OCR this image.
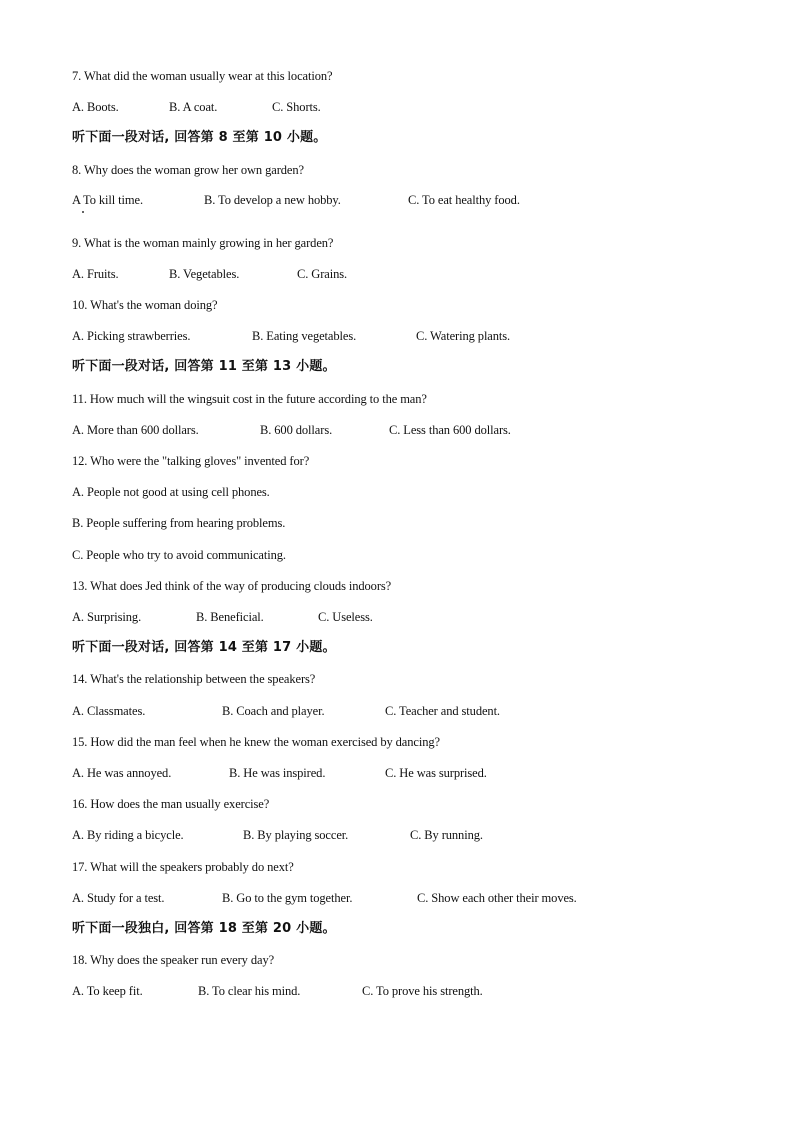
7. What did the woman usually wear at this location?
A. Boots.	B. A coat.	C. Shorts.
听下面一段对话, 回答第 8 至第 10 小题。
8. Why does the woman grow her own garden?
A To kill time.	B. To develop a new hobby.	C. To eat healthy food.
9. What is the woman mainly growing in her garden?
A. Fruits.	B. Vegetables.	C. Grains.
10. What's the woman doing?
A. Picking strawberries.	B. Eating vegetables.	C. Watering plants.
听下面一段对话, 回答第 11 至第 13 小题。
11. How much will the wingsuit cost in the future according to the man?
A. More than 600 dollars.	B. 600 dollars.	C. Less than 600 dollars.
12. Who were the "talking gloves" invented for?
A. People not good at using cell phones.
B. People suffering from hearing problems.
C. People who try to avoid communicating.
13. What does Jed think of the way of producing clouds indoors?
A. Surprising.	B. Beneficial.	C. Useless.
听下面一段对话, 回答第 14 至第 17 小题。
14. What's the relationship between the speakers?
A. Classmates.	B. Coach and player.	C. Teacher and student.
15. How did the man feel when he knew the woman exercised by dancing?
A. He was annoyed.	B. He was inspired.	C. He was surprised.
16. How does the man usually exercise?
A. By riding a bicycle.	B. By playing soccer.	C. By running.
17. What will the speakers probably do next?
A. Study for a test.	B. Go to the gym together.	C. Show each other their moves.
听下面一段独白, 回答第 18 至第 20 小题。
18. Why does the speaker run every day?
A. To keep fit.	B. To clear his mind.	C. To prove his strength.
